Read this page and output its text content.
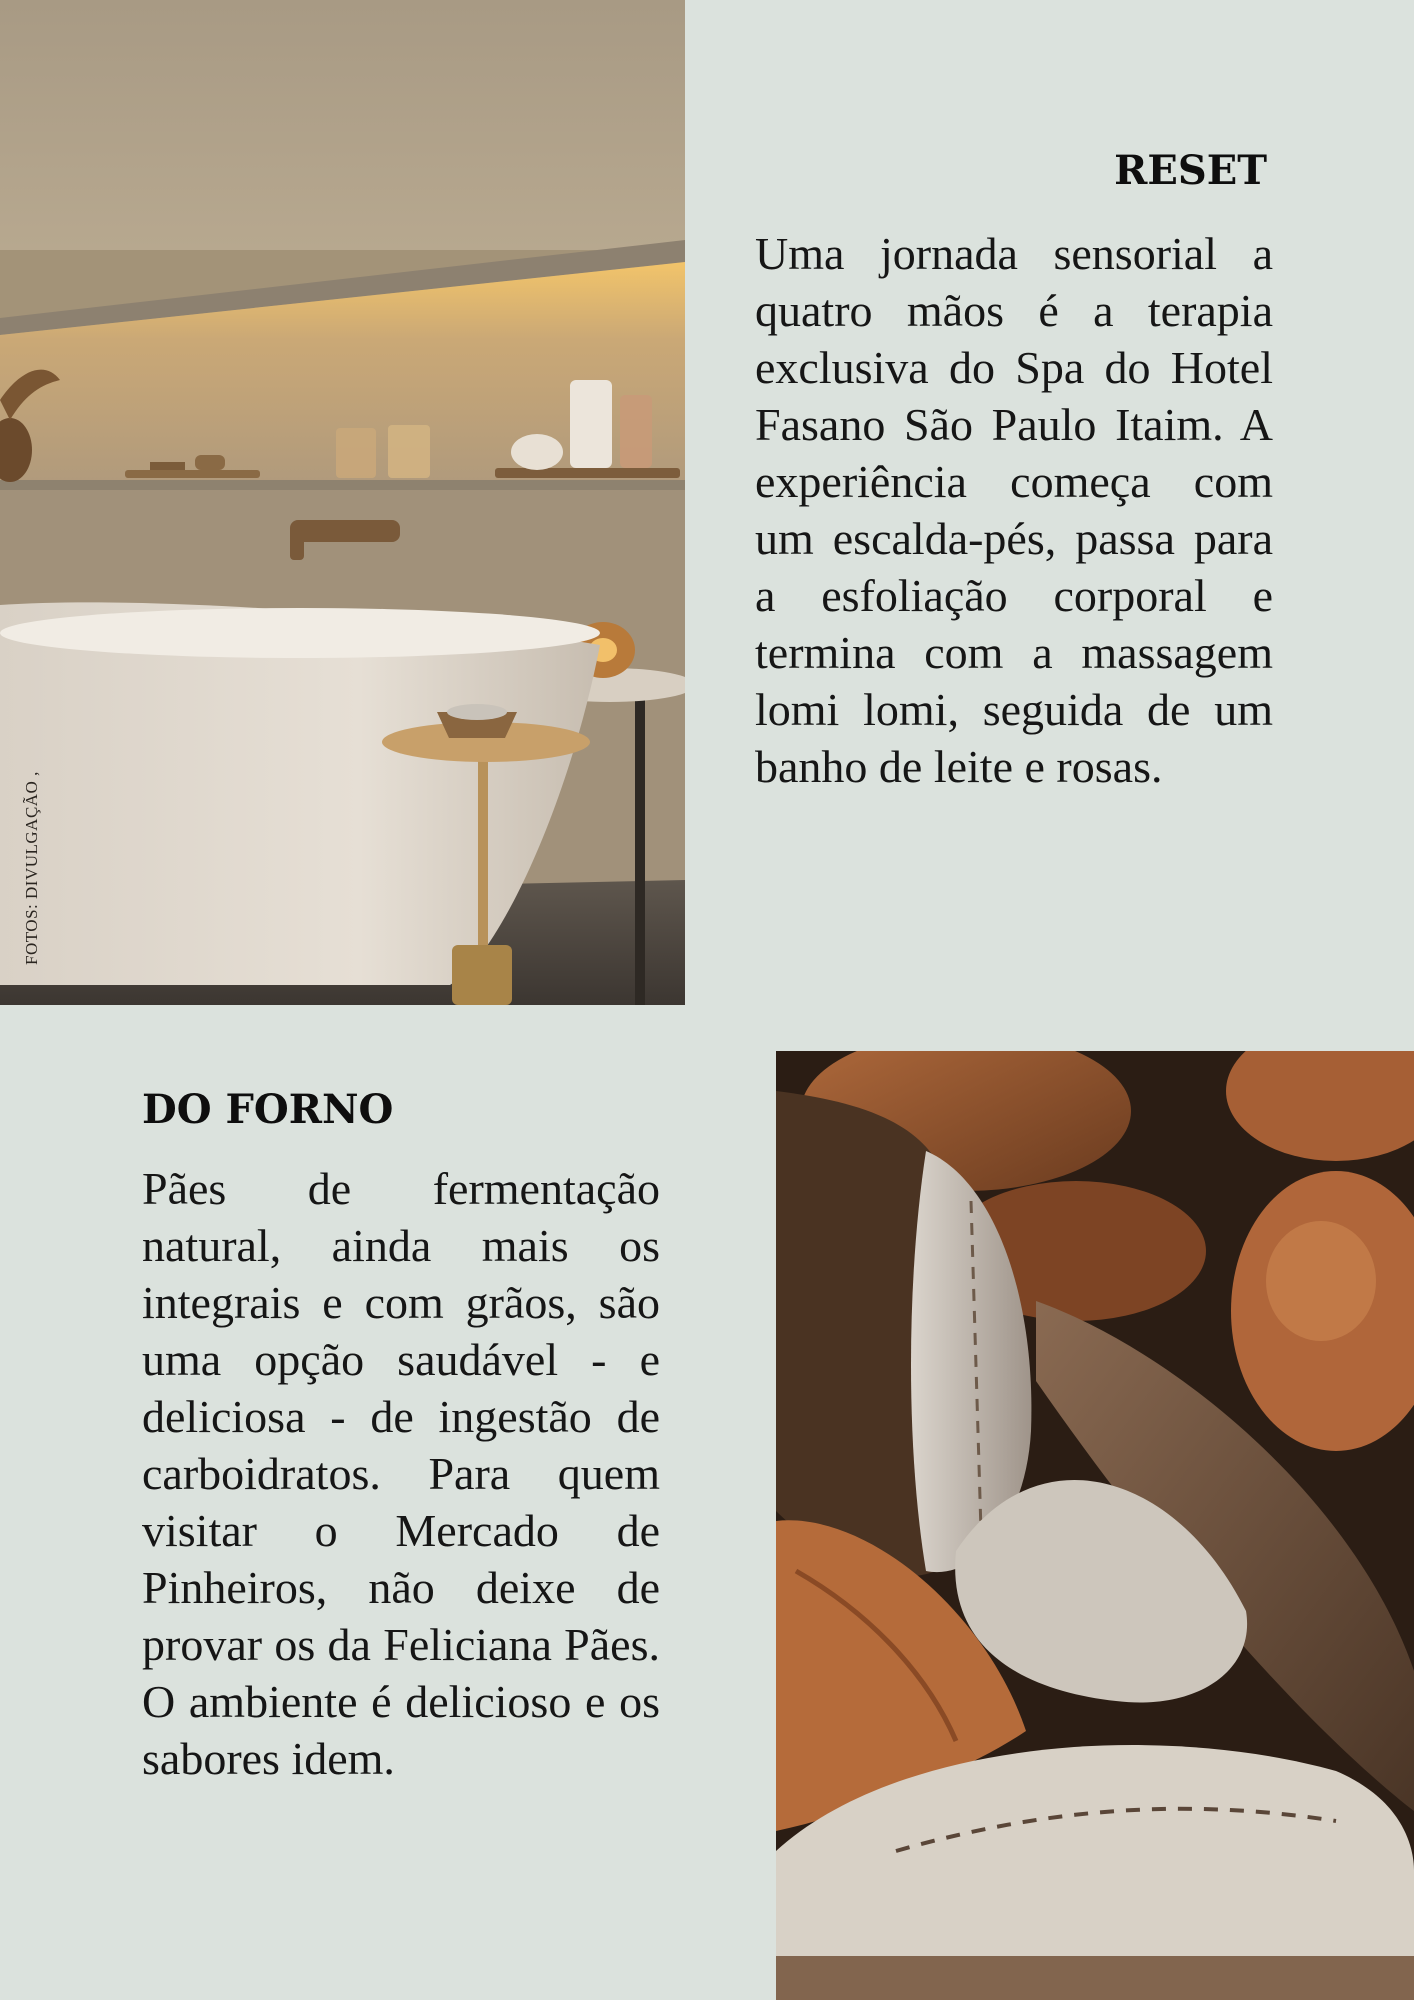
FOTOS: DIVULGAÇÃO ,
RESET

Uma jornada sensorial a quatro mãos é a terapia exclusiva do Spa do Hotel Fasano São Paulo Itaim. A experiência começa com um escalda-pés, passa para a esfoliação corporal e termina com a massagem lomi lomi, seguida de um banho de leite e rosas.

DO FORNO

Pães de fermentação natural, ainda mais os integrais e com grãos, são uma opção saudável - e deliciosa - de ingestão de carboidratos. Para quem visitar o Mercado de Pinheiros, não deixe de provar os da Feliciana Pães. O ambiente é delicioso e os sabores idem.
